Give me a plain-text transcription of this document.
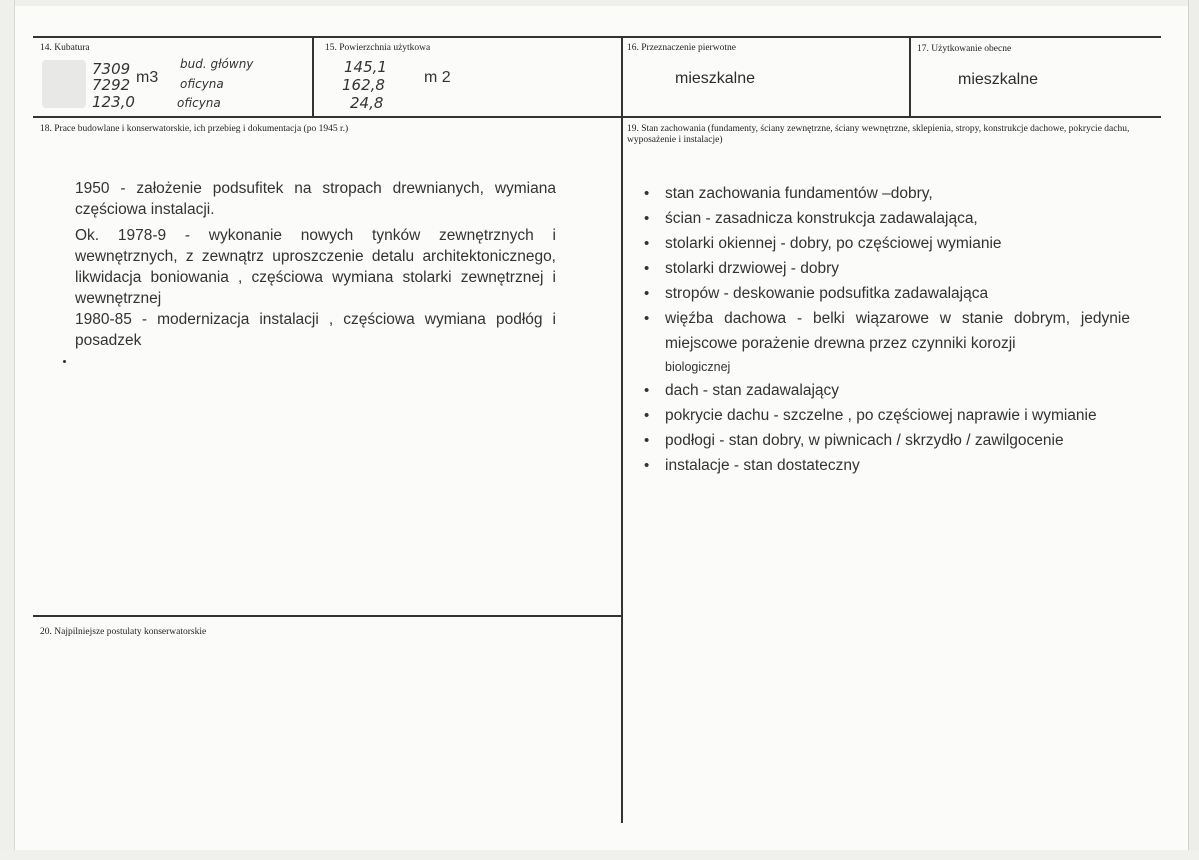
14. Kubatura
7309
7292
123,0
m3
bud. główny
oficyna
oficyna
15. Powierzchnia użytkowa
145,1
162,8
24,8
m 2
16. Przeznaczenie pierwotne
mieszkalne
17. Użytkowanie obecne
mieszkalne
18. Prace budowlane i konserwatorskie, ich przebieg i dokumentacja (po 1945 r.)

1950 - założenie podsufitek na stropach drewnianych, wymiana częściowa instalacji.

Ok. 1978-9 - wykonanie nowych tynków zewnętrznych i wewnętrznych, z zewnątrz uproszczenie detalu architektonicznego, likwidacja boniowania , częściowa wymiana stolarki zewnętrznej i wewnętrznej

1980-85 - modernizacja instalacji , częściowa wymiana podłóg i posadzek

19. Stan zachowania (fundamenty, ściany zewnętrzne, ściany wewnętrzne, sklepienia, stropy, konstrukcje dachowe, pokrycie dachu, wyposażenie i instalacje)
• stan zachowania fundamentów –dobry,
• ścian - zasadnicza konstrukcja zadawalająca,
• stolarki okiennej - dobry, po częściowej wymianie
• stolarki drzwiowej - dobry
• stropów - deskowanie podsufitka zadawalająca
• więźba dachowa - belki wiązarowe w stanie dobrym, jedynie miejscowe porażenie drewna przez czynniki korozji
biologicznej
• dach - stan zadawalający
• pokrycie dachu - szczelne , po częściowej naprawie i wymianie
• podłogi - stan dobry, w piwnicach / skrzydło / zawilgocenie
• instalacje - stan dostateczny
20. Najpilniejsze postulaty konserwatorskie
